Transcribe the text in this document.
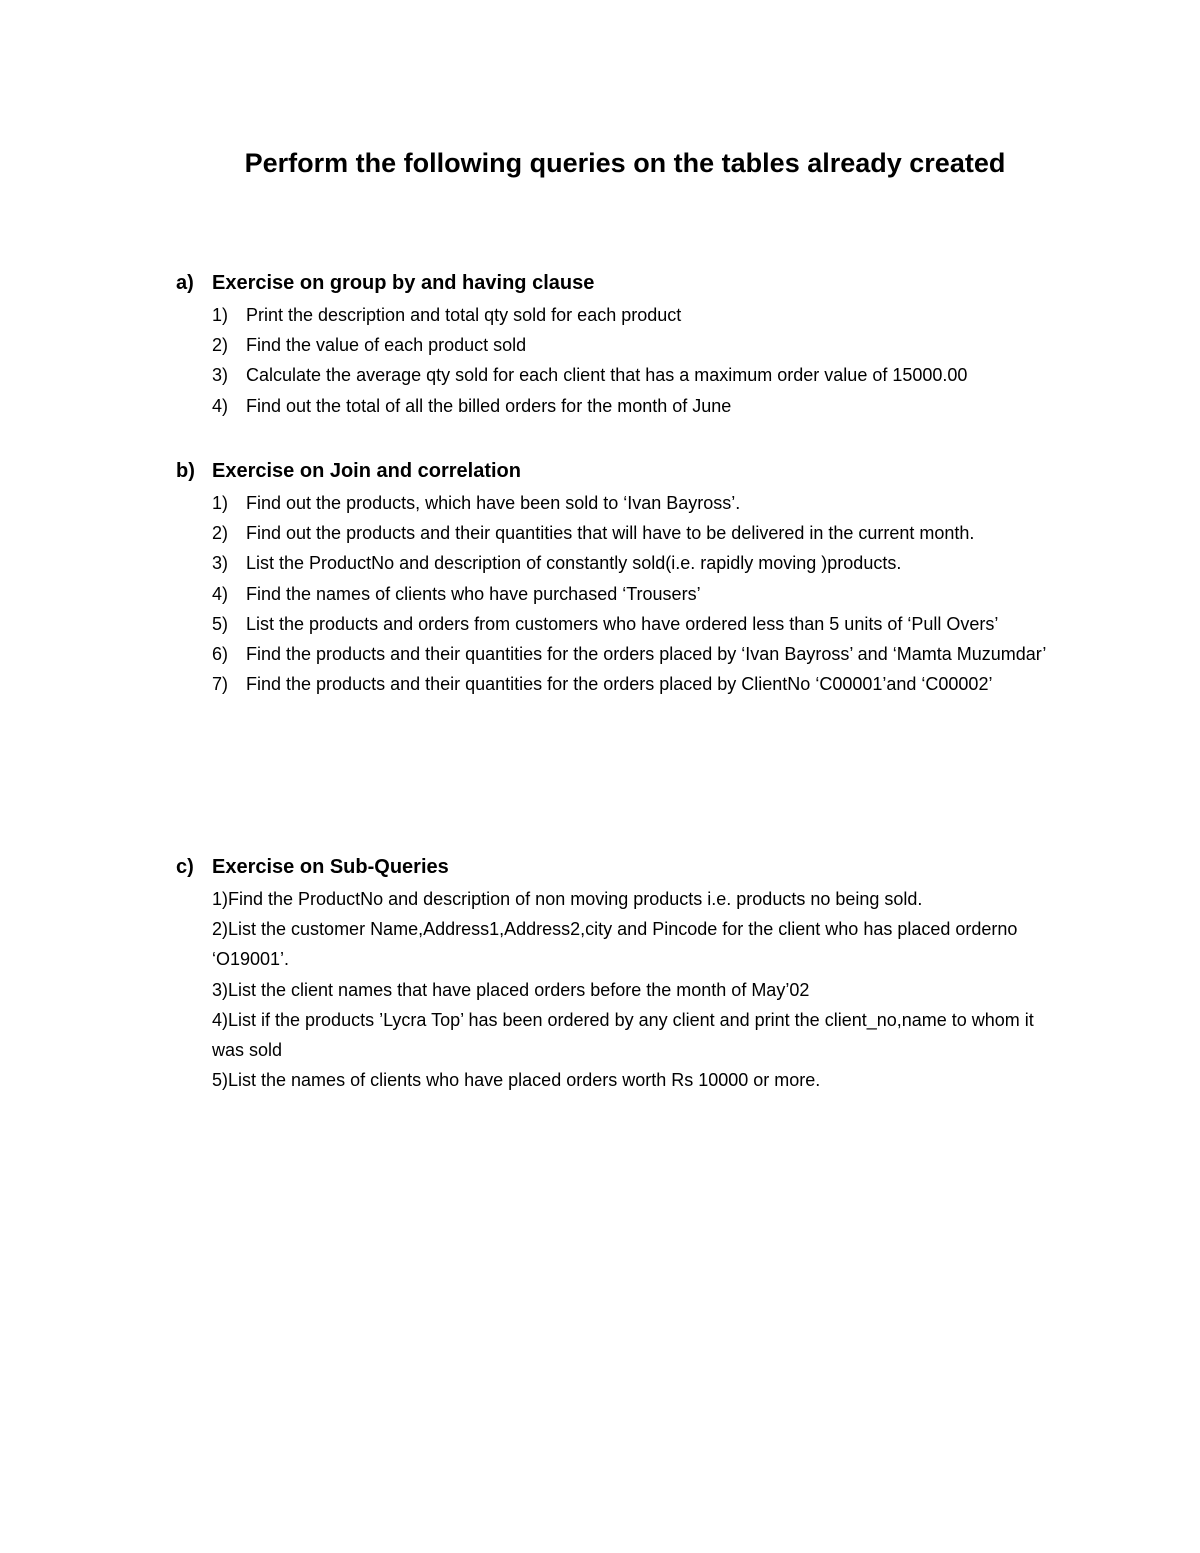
Perform the following queries on the tables already created
a) Exercise on group by and having clause
1) Print the description and total qty sold for each product
2) Find the value of each product sold
3) Calculate the average qty sold for each client that has a maximum order value of 15000.00
4) Find out the total of all the billed orders for the month of June
b) Exercise on Join and correlation
1) Find out the products, which have been sold to ‘Ivan Bayross’.
2) Find out the products and their quantities that will have to be delivered in the current month.
3) List the ProductNo and description of constantly sold(i.e. rapidly moving )products.
4) Find the names of clients who have purchased ‘Trousers’
5) List the products and orders from customers who have ordered less than 5 units of ‘Pull Overs’
6) Find the products and their quantities for the orders placed by ‘Ivan Bayross’ and ‘Mamta Muzumdar’
7) Find the products and their quantities for the orders placed by ClientNo ‘C00001’and ‘C00002’
c) Exercise on Sub-Queries
1)Find the ProductNo and description of non moving products i.e. products no being sold.
2)List the customer Name,Address1,Address2,city and Pincode for the client who has placed orderno ‘O19001’.
3)List the client names that have placed orders before the month of May’02
4)List if the products ’Lycra Top’ has been ordered by any client and print the client_no,name to whom it was sold
5)List the names of clients who have placed orders worth Rs 10000 or more.
